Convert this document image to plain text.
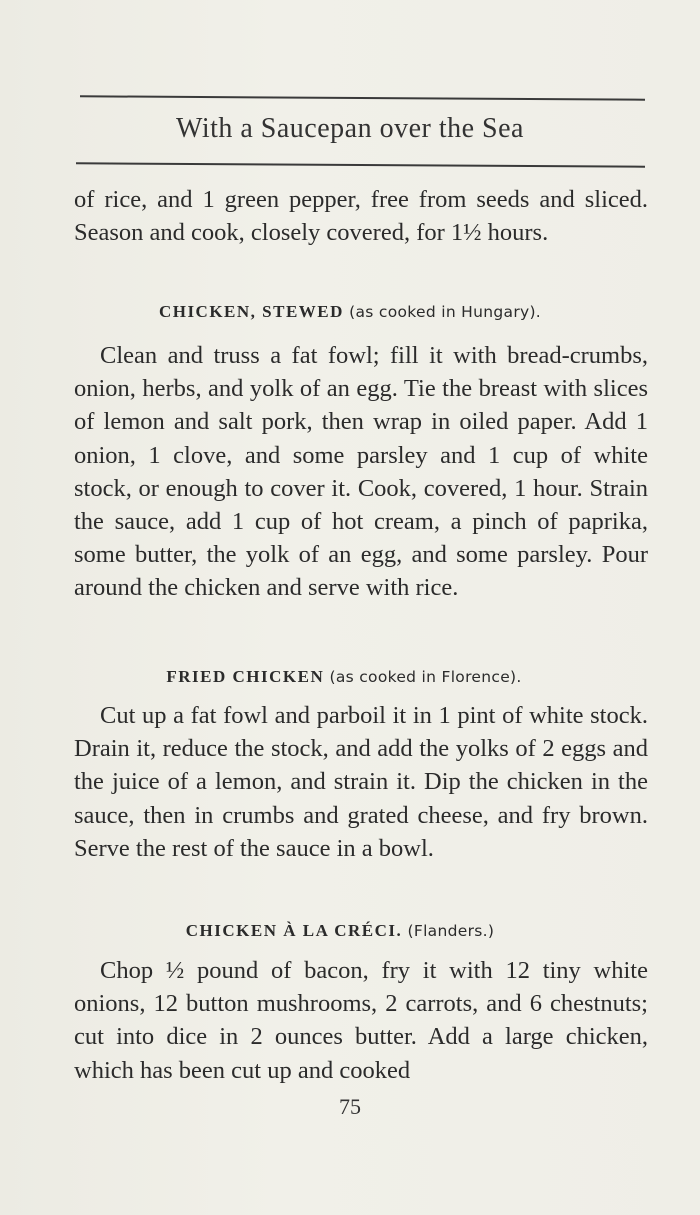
With a Saucepan over the Sea

of rice, and 1 green pepper, free from seeds and sliced. Season and cook, closely covered, for 1½ hours.

CHICKEN, STEWED (as cooked in Hungary).

Clean and truss a fat fowl; fill it with bread-crumbs, onion, herbs, and yolk of an egg. Tie the breast with slices of lemon and salt pork, then wrap in oiled paper. Add 1 onion, 1 clove, and some parsley and 1 cup of white stock, or enough to cover it. Cook, covered, 1 hour. Strain the sauce, add 1 cup of hot cream, a pinch of paprika, some butter, the yolk of an egg, and some parsley. Pour around the chicken and serve with rice.

FRIED CHICKEN (as cooked in Florence).

Cut up a fat fowl and parboil it in 1 pint of white stock. Drain it, reduce the stock, and add the yolks of 2 eggs and the juice of a lemon, and strain it. Dip the chicken in the sauce, then in crumbs and grated cheese, and fry brown. Serve the rest of the sauce in a bowl.

CHICKEN À LA CRÉCI. (Flanders.)

Chop ½ pound of bacon, fry it with 12 tiny white onions, 12 button mushrooms, 2 carrots, and 6 chestnuts; cut into dice in 2 ounces butter. Add a large chicken, which has been cut up and cooked

75
